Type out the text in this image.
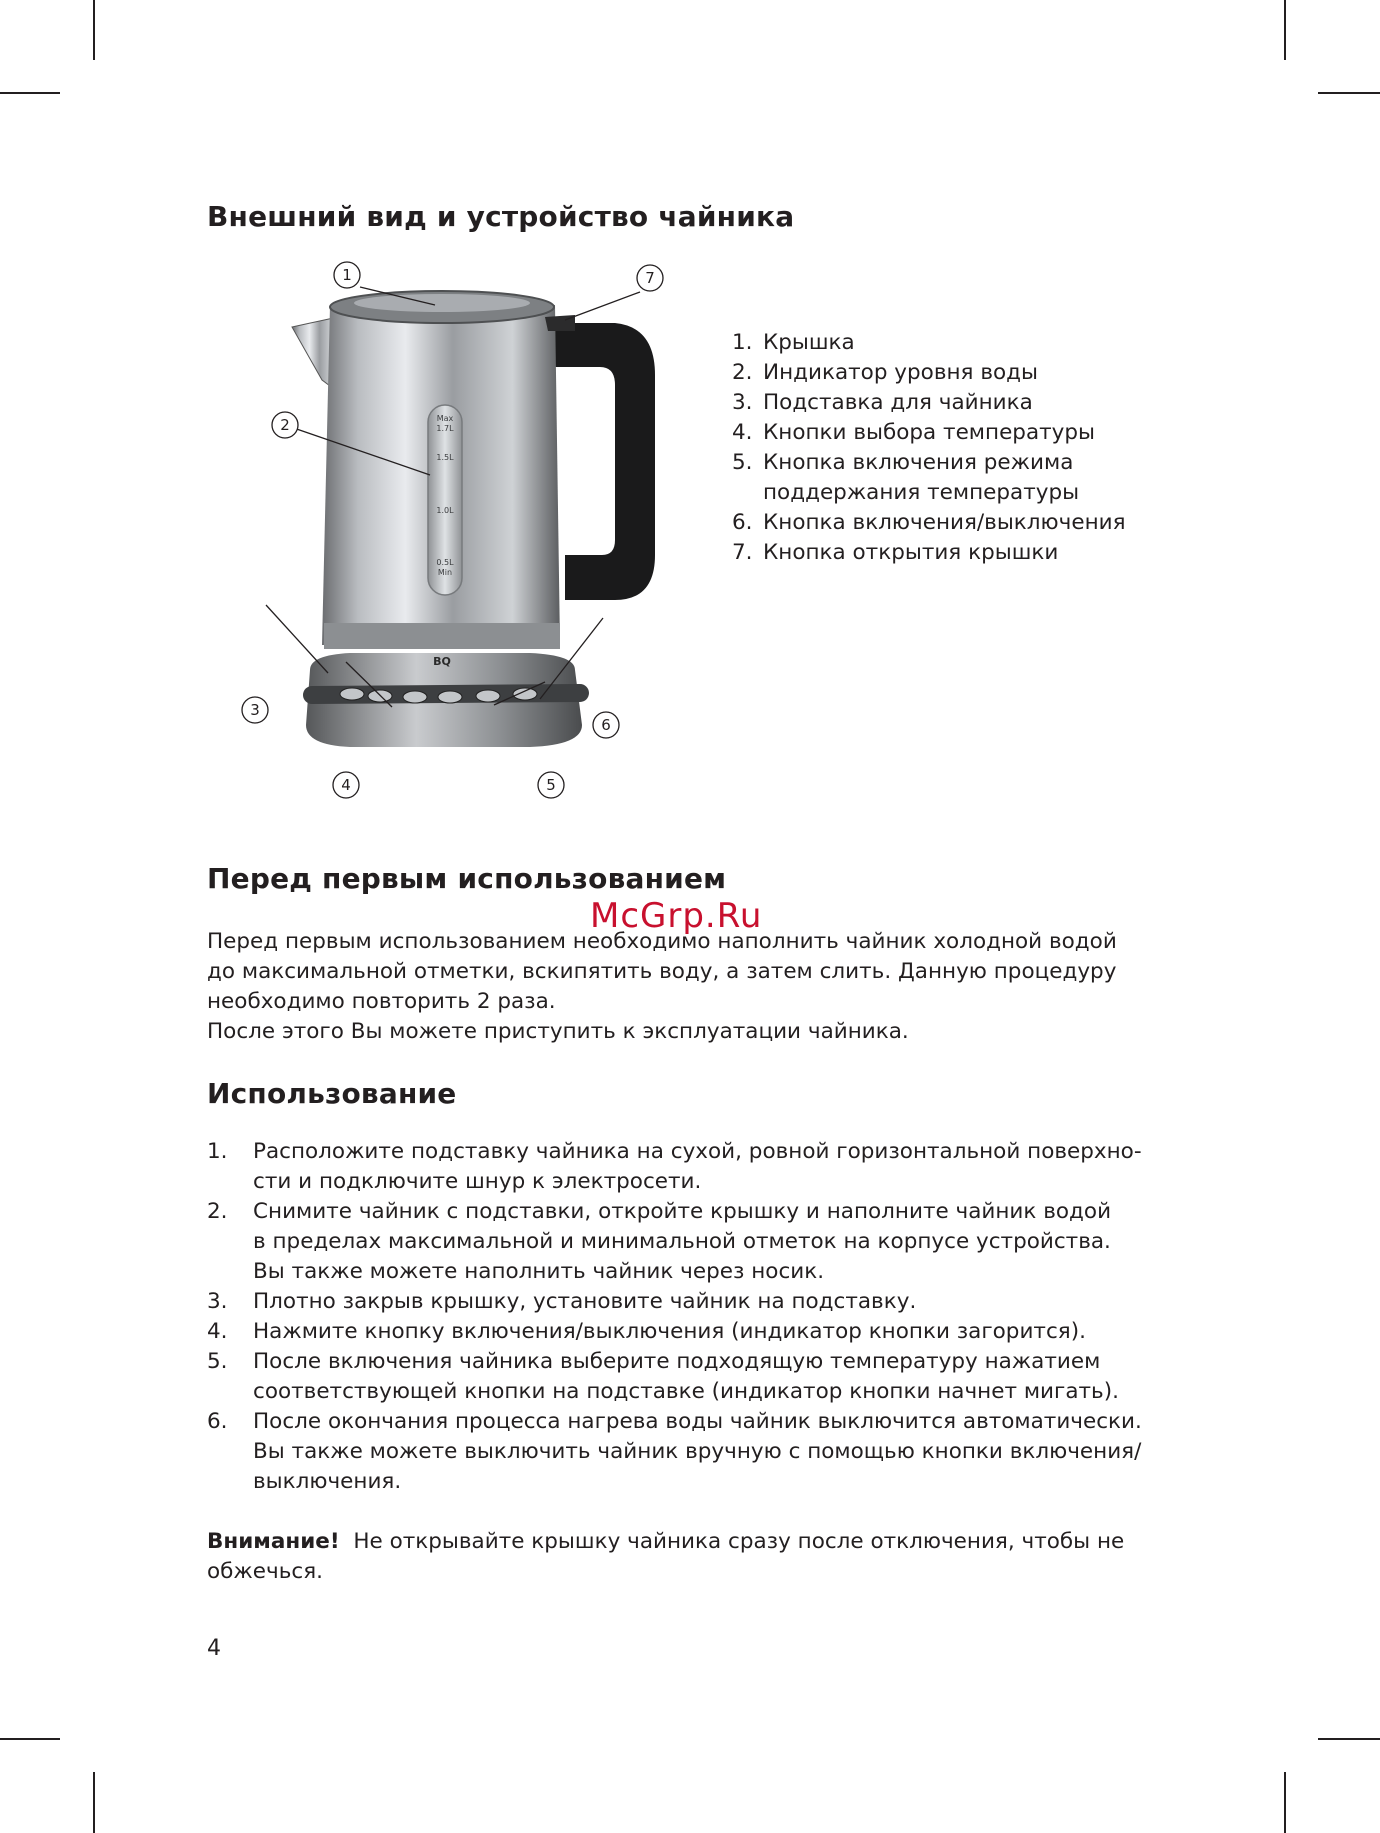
Внешний вид и устройство чайника
1	7
2
3
4	5
6
Max
1.7L
1.5L
1.0L
0.5L
Min
BQ
1. Крышка
2. Индикатор уровня воды
3. Подставка для чайника
4. Кнопки выбора температуры
5. Кнопка включения режима
поддержания температуры
6. Кнопка включения/выключения
7. Кнопка открытия крышки
Перед первым использованием
McGrp.Ru
Перед первым использованием необходимо наполнить чайник холодной водой
до максимальной отметки, вскипятить воду, а затем слить. Данную процедуру
необходимо повторить 2 раза.
После этого Вы можете приступить к эксплуатации чайника.
Использование
1.	Расположите подставку чайника на сухой, ровной горизонтальной поверхно-
сти и подключите шнур к электросети.
2.	Снимите чайник с подставки, откройте крышку и наполните чайник водой
в пределах максимальной и минимальной отметок на корпусе устройства.
Вы также можете наполнить чайник через носик.
3.	Плотно закрыв крышку, установите чайник на подставку.
4.	Нажмите кнопку включения/выключения (индикатор кнопки загорится).
5.	После включения чайника выберите подходящую температуру нажатием
соответствующей кнопки на подставке (индикатор кнопки начнет мигать).
6.	После окончания процесса нагрева воды чайник выключится автоматически.
Вы также можете выключить чайник вручную с помощью кнопки включения/
выключения.
Внимание! Не открывайте крышку чайника сразу после отключения, чтобы не
обжечься.
4
